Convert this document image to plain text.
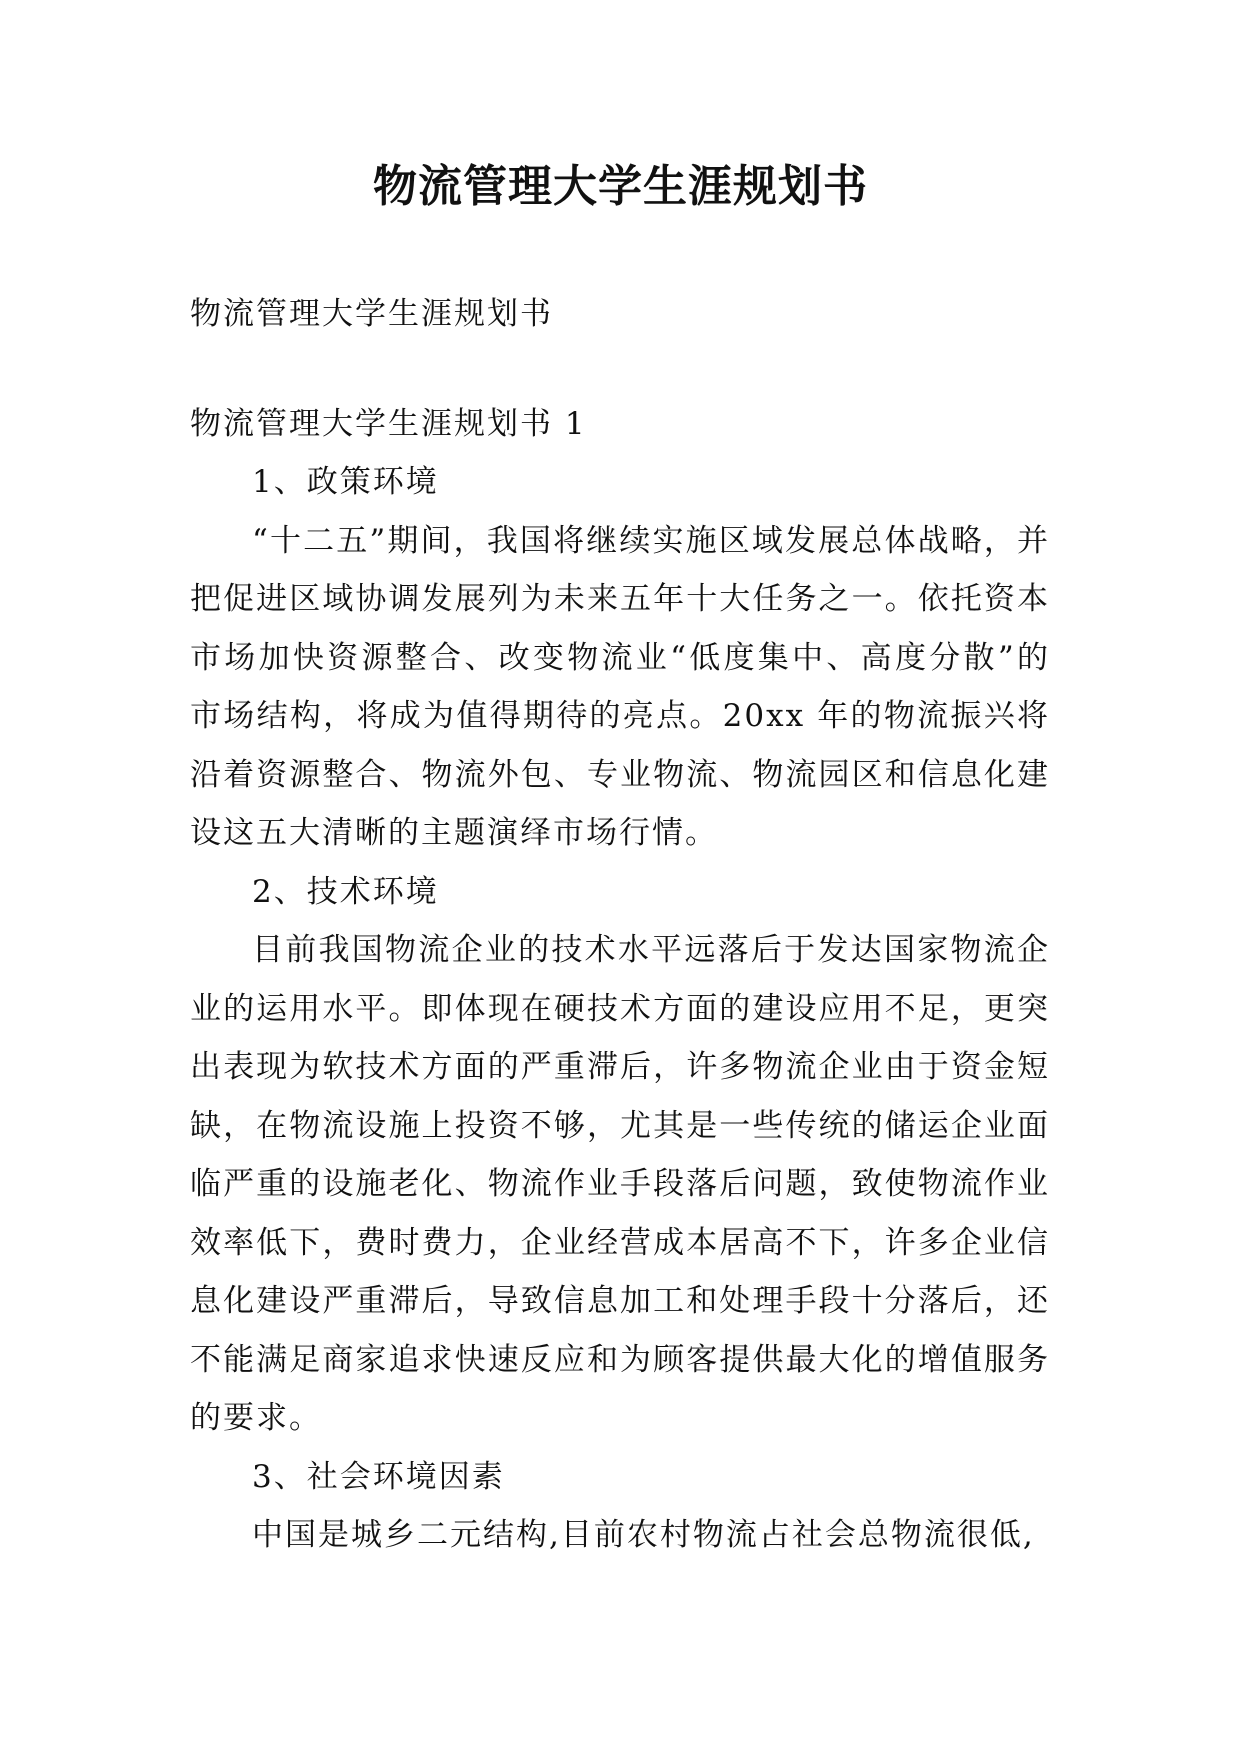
物流管理大学生涯规划书

物流管理大学生涯规划书

物流管理大学生涯规划书 1

1、政策环境

“十二五”期间，我国将继续实施区域发展总体战略，并把促进区域协调发展列为未来五年十大任务之一。依托资本市场加快资源整合、改变物流业“低度集中、高度分散”的市场结构，将成为值得期待的亮点。20xx 年的物流振兴将沿着资源整合、物流外包、专业物流、物流园区和信息化建设这五大清晰的主题演绎市场行情。

2、技术环境

目前我国物流企业的技术水平远落后于发达国家物流企业的运用水平。即体现在硬技术方面的建设应用不足，更突出表现为软技术方面的严重滞后，许多物流企业由于资金短缺，在物流设施上投资不够，尤其是一些传统的储运企业面临严重的设施老化、物流作业手段落后问题，致使物流作业效率低下，费时费力，企业经营成本居高不下，许多企业信息化建设严重滞后，导致信息加工和处理手段十分落后，还不能满足商家追求快速反应和为顾客提供最大化的增值服务的要求。

3、社会环境因素

中国是城乡二元结构,目前农村物流占社会总物流很低,
